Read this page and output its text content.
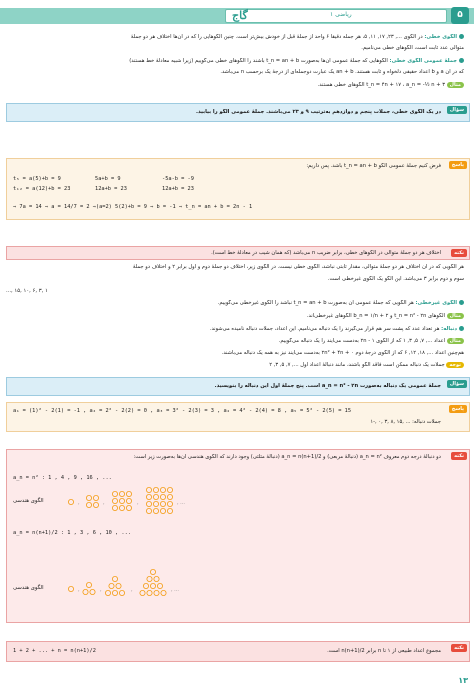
گاج	ریاضی ۱	۵
الگوی خطی: در الگوی ..., ۲۳, ۱۷, ۱۱, ۵، هر جمله دقیقاً ۶ واحد از جملهٔ قبل از خودش بیش‌تر است. چنین الگوهایی را که در آن‌ها اختلاف هر دو جملهٔ
متوالی عدد ثابت است، الگوهای خطی می‌نامیم.
جملهٔ عمومی الگوی خطی: الگوهایی که جملهٔ عمومی آن‌ها به‌صورت t_n = an + b باشند را الگوهای خطی می‌گوییم (زیرا شبیه معادلهٔ خط هستند)
که در آن a و b اعداد حقیقی دلخواه و ثابت هستند. an + b یک عبارت دوجمله‌ای از درجهٔ یک برحسب n می‌باشد.
مثال t_n = ۴n + ۱۷ ، a_n = -½ n + ۳ الگوهای خطی هستند.
سؤال
در یک الگوی خطی، جملات پنجم و دوازدهم به‌ترتیب ۹ و ۲۳ می‌باشند. جملهٔ عمومی الگو را بیابید.
پاسخ
فرض کنیم جملهٔ عمومی الگو t_n = an + b باشد. پس داریم:
t₅ = a(5)+b = 9
t₁₂ = a(12)+b = 23
5a+b = 9
12a+b = 23
-5a-b = -9
12a+b = 23
⇒ 7a = 14 ⇒ a = 14/7 = 2 ⇒(a=2) 5(2)+b = 9 ⇒ b = -1 ⇒ t_n = an + b = 2n - 1
نکته
اختلاف هر دو جملهٔ متوالی در الگوهای خطی، برابر ضریب n می‌باشد (که همان شیب در معادلهٔ خط است).
هر الگویی که در آن اختلاف هر دو جملهٔ متوالی، مقدار ثابتی نباشد، الگوی خطی نیست. در الگوی زیر، اختلاف دو جملهٔ دوم و اول برابر ۲ و اختلاف دو جملهٔ
سوم و دوم برابر ۳ می‌باشد. این الگو یک الگوی غیرخطی است.
..., ۱۵, ۱۰, ۶, ۳, ۱
الگوی غیرخطی: هر الگویی که جملهٔ عمومی آن به‌صورت t_n = an + b نباشد را الگوی غیرخطی می‌گوییم.
مثال الگوهای t_n = n² - ۲n و b_n = ۱/n + ۲ الگوهای غیرخطی‌اند.
دنباله: هر تعداد عدد که پشت سر هم قرار می‌گیرند را یک دنباله می‌نامیم. این اعداد، جملات دنباله نامیده می‌شوند.
مثال اعداد ..., ۷, ۵, ۳, ۱ که از الگوی ۲n - ۱ به‌دست می‌آیند را یک دنباله می‌گوییم.
هم‌چنین اعداد ..., ۱۸, ۱۲, ۶ که از الگوی درجهٔ دوم ۲n² + ۴n + ۰ به‌دست می‌آیند نیز به همه یک دنباله می‌باشند.
توجه جملات یک دنباله ممکن است فاقد الگو باشند، مانند دنبالهٔ اعداد اول ..., ۷, ۵, ۳, ۲
سؤال
جملهٔ عمومی یک دنباله به‌صورت a_n = n² - ۲n است. پنج جملهٔ اول این دنباله را بنویسید.
پاسخ
a₁ = (1)² - 2(1) = -1 , a₂ = 2² - 2(2) = 0 , a₃ = 3² - 2(3) = 3 , a₄ = 4² - 2(4) = 8 , a₅ = 5² - 2(5) = 15
جملات دنباله: ... ,۱۵ ,۸ ,۳ ,۰ ,-۱
نکته
دو دنبالهٔ درجه دوم معروف a_n = n² (دنبالهٔ مربعی) و a_n = n(n+1)/2 (دنبالهٔ مثلثی) وجود دارند که الگوی هندسی آن‌ها به‌صورت زیر است:
a_n = n² : 1 , 4 , 9 , 16 , ...
الگوی هندسی	,	,	,	, ...
a_n = n(n+1)/2 : 1 , 3 , 6 , 10 , ...
الگوی هندسی	,	,	,	, ...
نکته
مجموع اعداد طبیعی از ۱ تا n برابر n(n+1)/2 است.
1 + 2 + ... + n = n(n+1)/2
۱۳
